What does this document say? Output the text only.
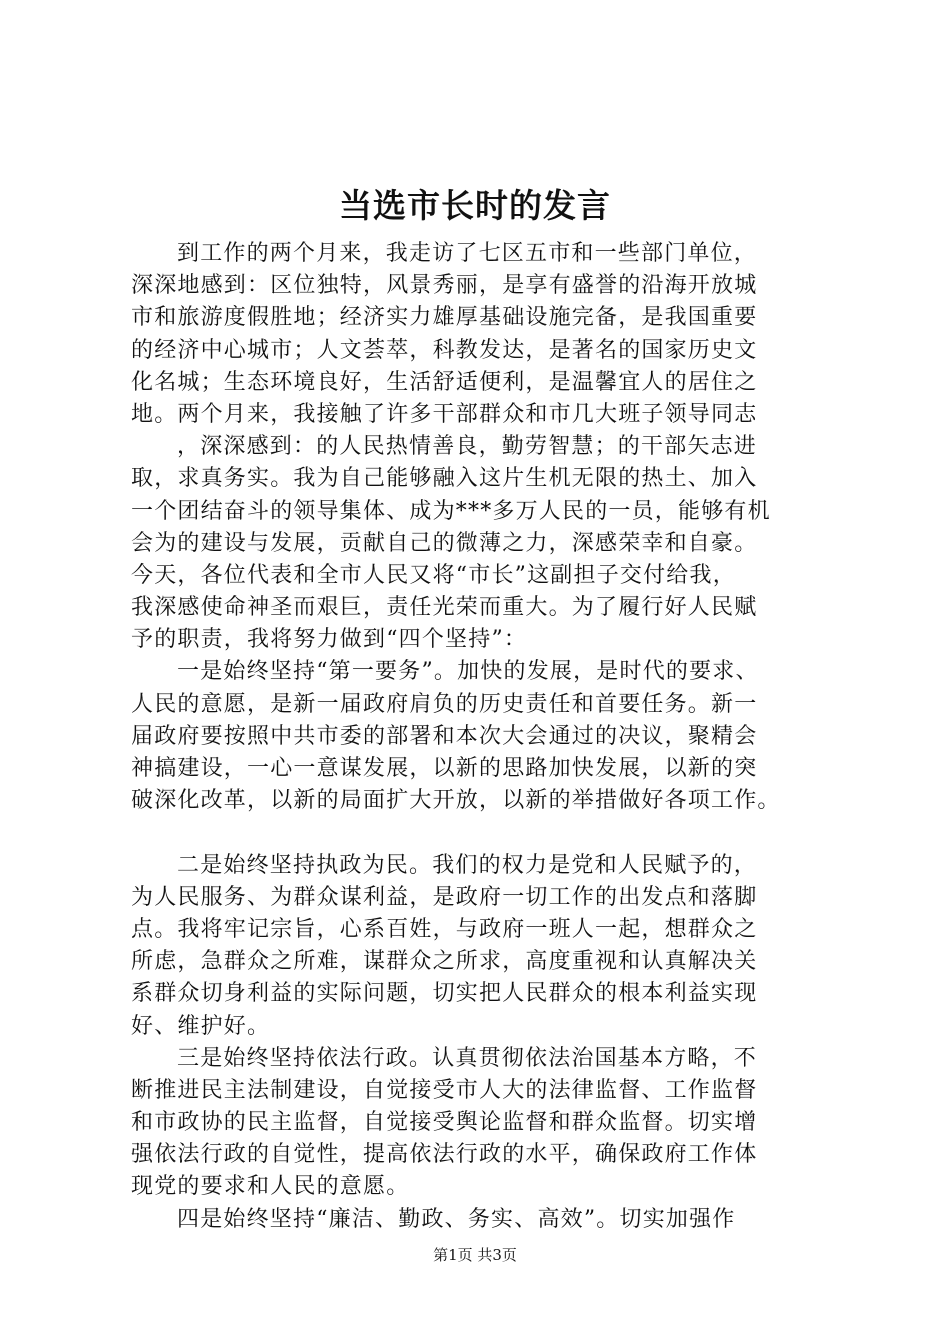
当选市长时的发言
到工作的两个月来，我走访了七区五市和一些部门单位，
深深地感到：区位独特，风景秀丽，是享有盛誉的沿海开放城
市和旅游度假胜地；经济实力雄厚基础设施完备，是我国重要
的经济中心城市；人文荟萃，科教发达，是著名的国家历史文
化名城；生态环境良好，生活舒适便利，是温馨宜人的居住之
地。两个月来，我接触了许多干部群众和市几大班子领导同志
，深深感到：的人民热情善良，勤劳智慧；的干部矢志进
取，求真务实。我为自己能够融入这片生机无限的热土、加入
一个团结奋斗的领导集体、成为***多万人民的一员，能够有机
会为的建设与发展，贡献自己的微薄之力，深感荣幸和自豪。
今天，各位代表和全市人民又将“市长”这副担子交付给我，
我深感使命神圣而艰巨，责任光荣而重大。为了履行好人民赋
予的职责，我将努力做到“四个坚持”：
一是始终坚持“第一要务”。加快的发展，是时代的要求、
人民的意愿，是新一届政府肩负的历史责任和首要任务。新一
届政府要按照中共市委的部署和本次大会通过的决议，聚精会
神搞建设，一心一意谋发展，以新的思路加快发展，以新的突
破深化改革，以新的局面扩大开放，以新的举措做好各项工作。
二是始终坚持执政为民。我们的权力是党和人民赋予的，
为人民服务、为群众谋利益，是政府一切工作的出发点和落脚
点。我将牢记宗旨，心系百姓，与政府一班人一起，想群众之
所虑，急群众之所难，谋群众之所求，高度重视和认真解决关
系群众切身利益的实际问题，切实把人民群众的根本利益实现
好、维护好。
三是始终坚持依法行政。认真贯彻依法治国基本方略，不
断推进民主法制建设，自觉接受市人大的法律监督、工作监督
和市政协的民主监督，自觉接受舆论监督和群众监督。切实增
强依法行政的自觉性，提高依法行政的水平，确保政府工作体
现党的要求和人民的意愿。
四是始终坚持“廉洁、勤政、务实、高效”。切实加强作
第1页 共3页
